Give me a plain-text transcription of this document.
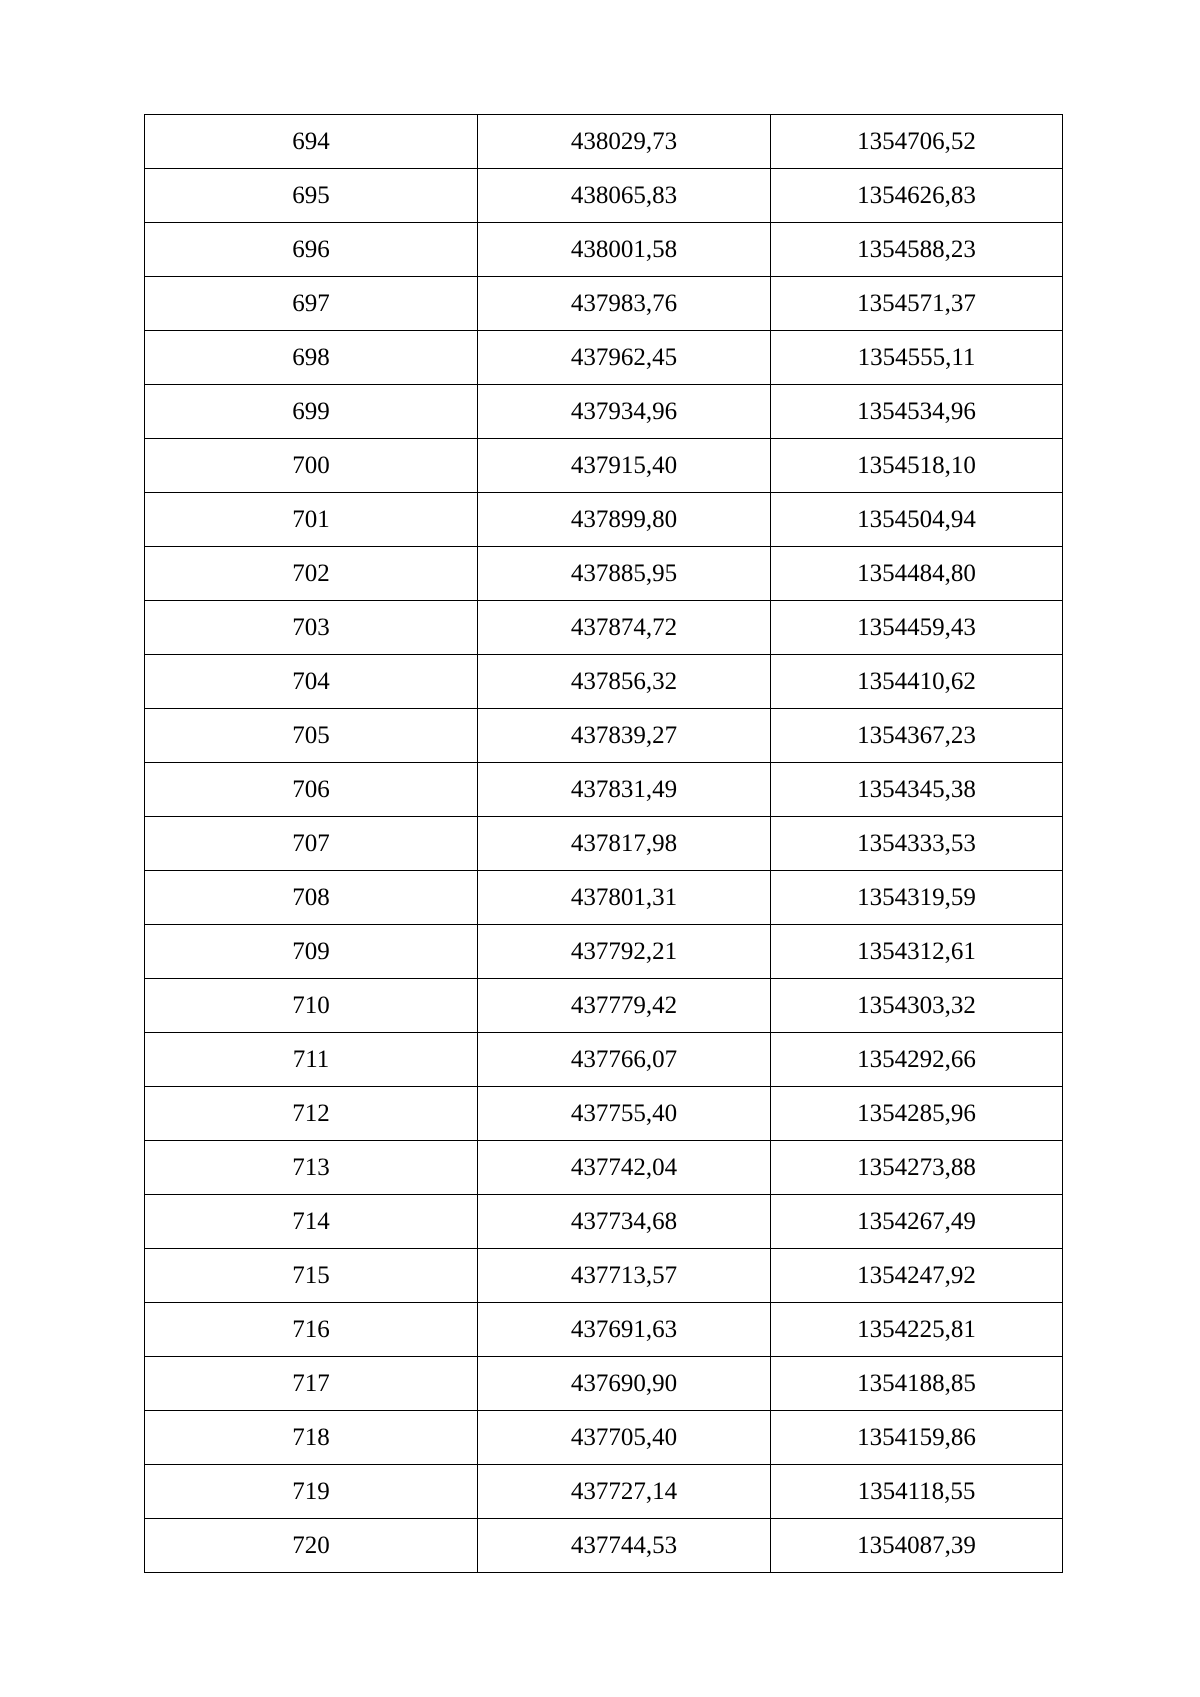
694	438029,73	1354706,52
695	438065,83	1354626,83
696	438001,58	1354588,23
697	437983,76	1354571,37
698	437962,45	1354555,11
699	437934,96	1354534,96
700	437915,40	1354518,10
701	437899,80	1354504,94
702	437885,95	1354484,80
703	437874,72	1354459,43
704	437856,32	1354410,62
705	437839,27	1354367,23
706	437831,49	1354345,38
707	437817,98	1354333,53
708	437801,31	1354319,59
709	437792,21	1354312,61
710	437779,42	1354303,32
711	437766,07	1354292,66
712	437755,40	1354285,96
713	437742,04	1354273,88
714	437734,68	1354267,49
715	437713,57	1354247,92
716	437691,63	1354225,81
717	437690,90	1354188,85
718	437705,40	1354159,86
719	437727,14	1354118,55
720	437744,53	1354087,39
